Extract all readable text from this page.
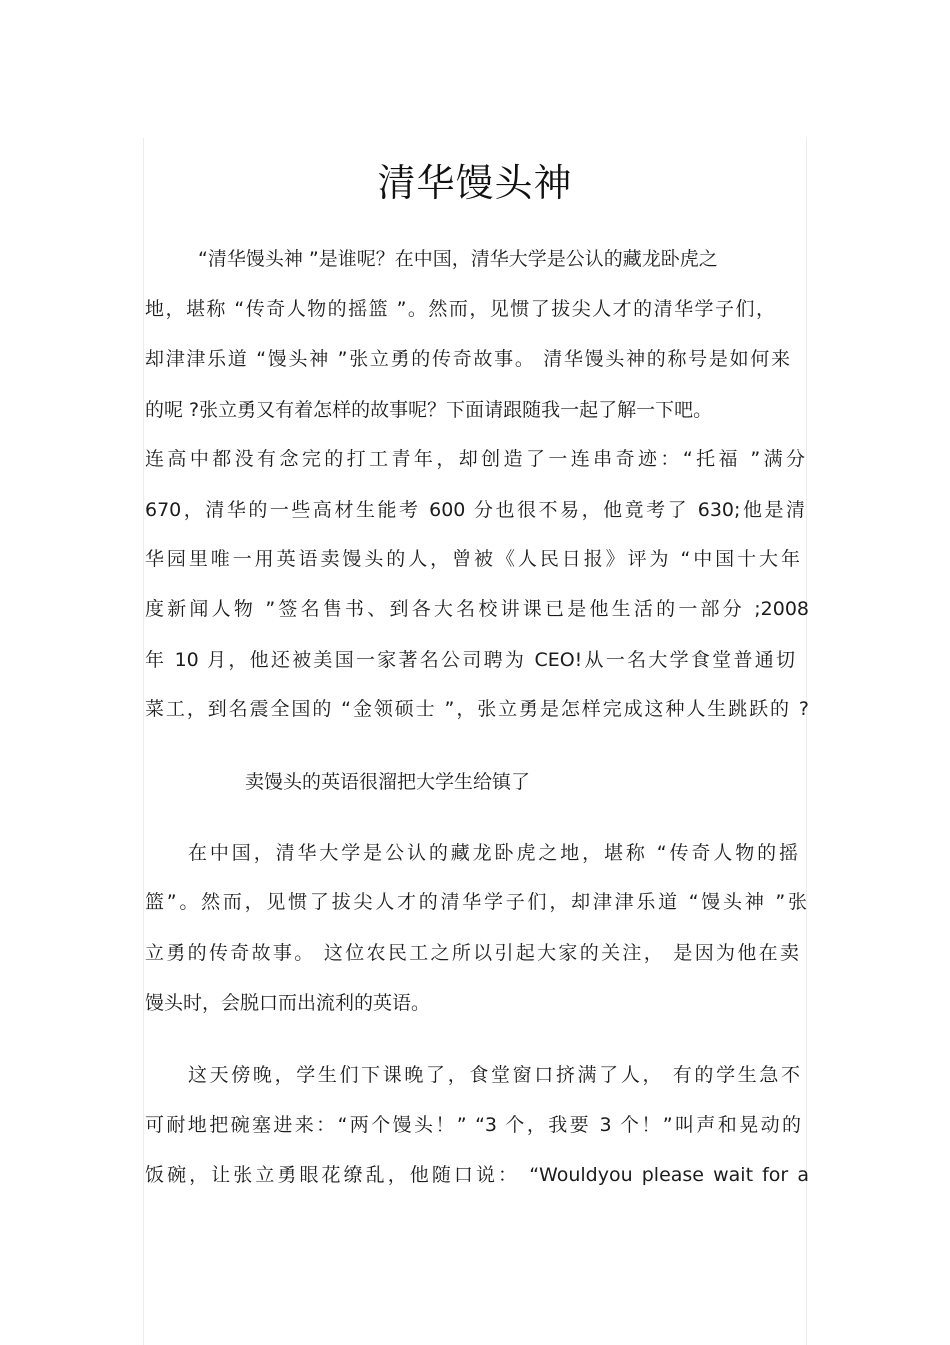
清华馒头神
“清华馒头神 ”是谁呢？在中国，清华大学是公认的藏龙卧虎之
地，堪称 “传奇人物的摇篮 ”。然而，见惯了拔尖人才的清华学子们，
却津津乐道 “馒头神 ”张立勇的传奇故事。 清华馒头神的称号是如何来
的呢 ?张立勇又有着怎样的故事呢？下面请跟随我一起了解一下吧。
连高中都没有念完的打工青年，却创造了一连串奇迹：“托福 ”满分
670，清华的一些高材生能考 600 分也很不易，他竟考了 630;他是清
华园里唯一用英语卖馒头的人，曾被《人民日报》评为 “中国十大年
度新闻人物 ”签名售书、到各大名校讲课已是他生活的一部分 ;2008
年 10 月，他还被美国一家著名公司聘为 CEO!从一名大学食堂普通切
菜工，到名震全国的 “金领硕士 ”，张立勇是怎样完成这种人生跳跃的 ?
卖馒头的英语很溜把大学生给镇了
在中国，清华大学是公认的藏龙卧虎之地，堪称 “传奇人物的摇
篮”。然而，见惯了拔尖人才的清华学子们，却津津乐道 “馒头神 ”张
立勇的传奇故事。 这位农民工之所以引起大家的关注， 是因为他在卖
馒头时，会脱口而出流利的英语。
这天傍晚，学生们下课晚了，食堂窗口挤满了人， 有的学生急不
可耐地把碗塞进来：“两个馒头！” “3 个，我要 3 个！”叫声和晃动的
饭碗，让张立勇眼花缭乱，他随口说： “Wouldyou please wait for a
